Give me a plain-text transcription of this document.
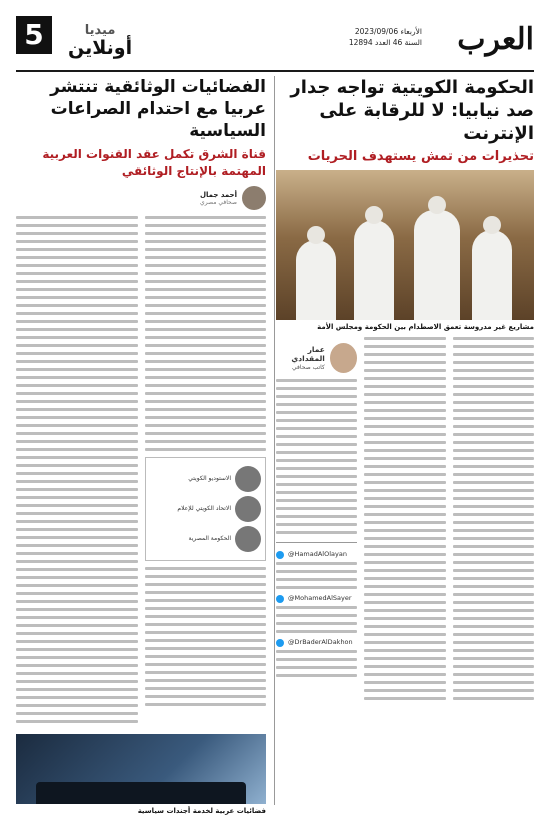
العرب
الأربعاء 2023/09/06
السنة 46 العدد 12894
ميديا
أونلاين
5
الحكومة الكويتية تواجه جدار صد نيابيا: لا للرقابة على الإنترنت
تحذيرات من تمش يستهدف الحريات
مشاريع غير مدروسة تعمق الاصطدام بين الحكومة ومجلس الأمة
عمار المقدادي
كاتب صحافي
@HamadAlOlayan
@MohamedAlSayer
@DrBaderAlDakhon
الفضائيات الوثائقية تنتشر عربيا مع احتدام الصراعات السياسية
قناة الشرق تكمل عقد القنوات العربية المهتمة بالإنتاج الوثائقي
أحمد جمال
صحافي مصري
الاستوديو الكويتي
الاتحاد الكويتي للإعلام
الحكومة المصرية
فضائيات عربية لخدمة أجندات سياسية
